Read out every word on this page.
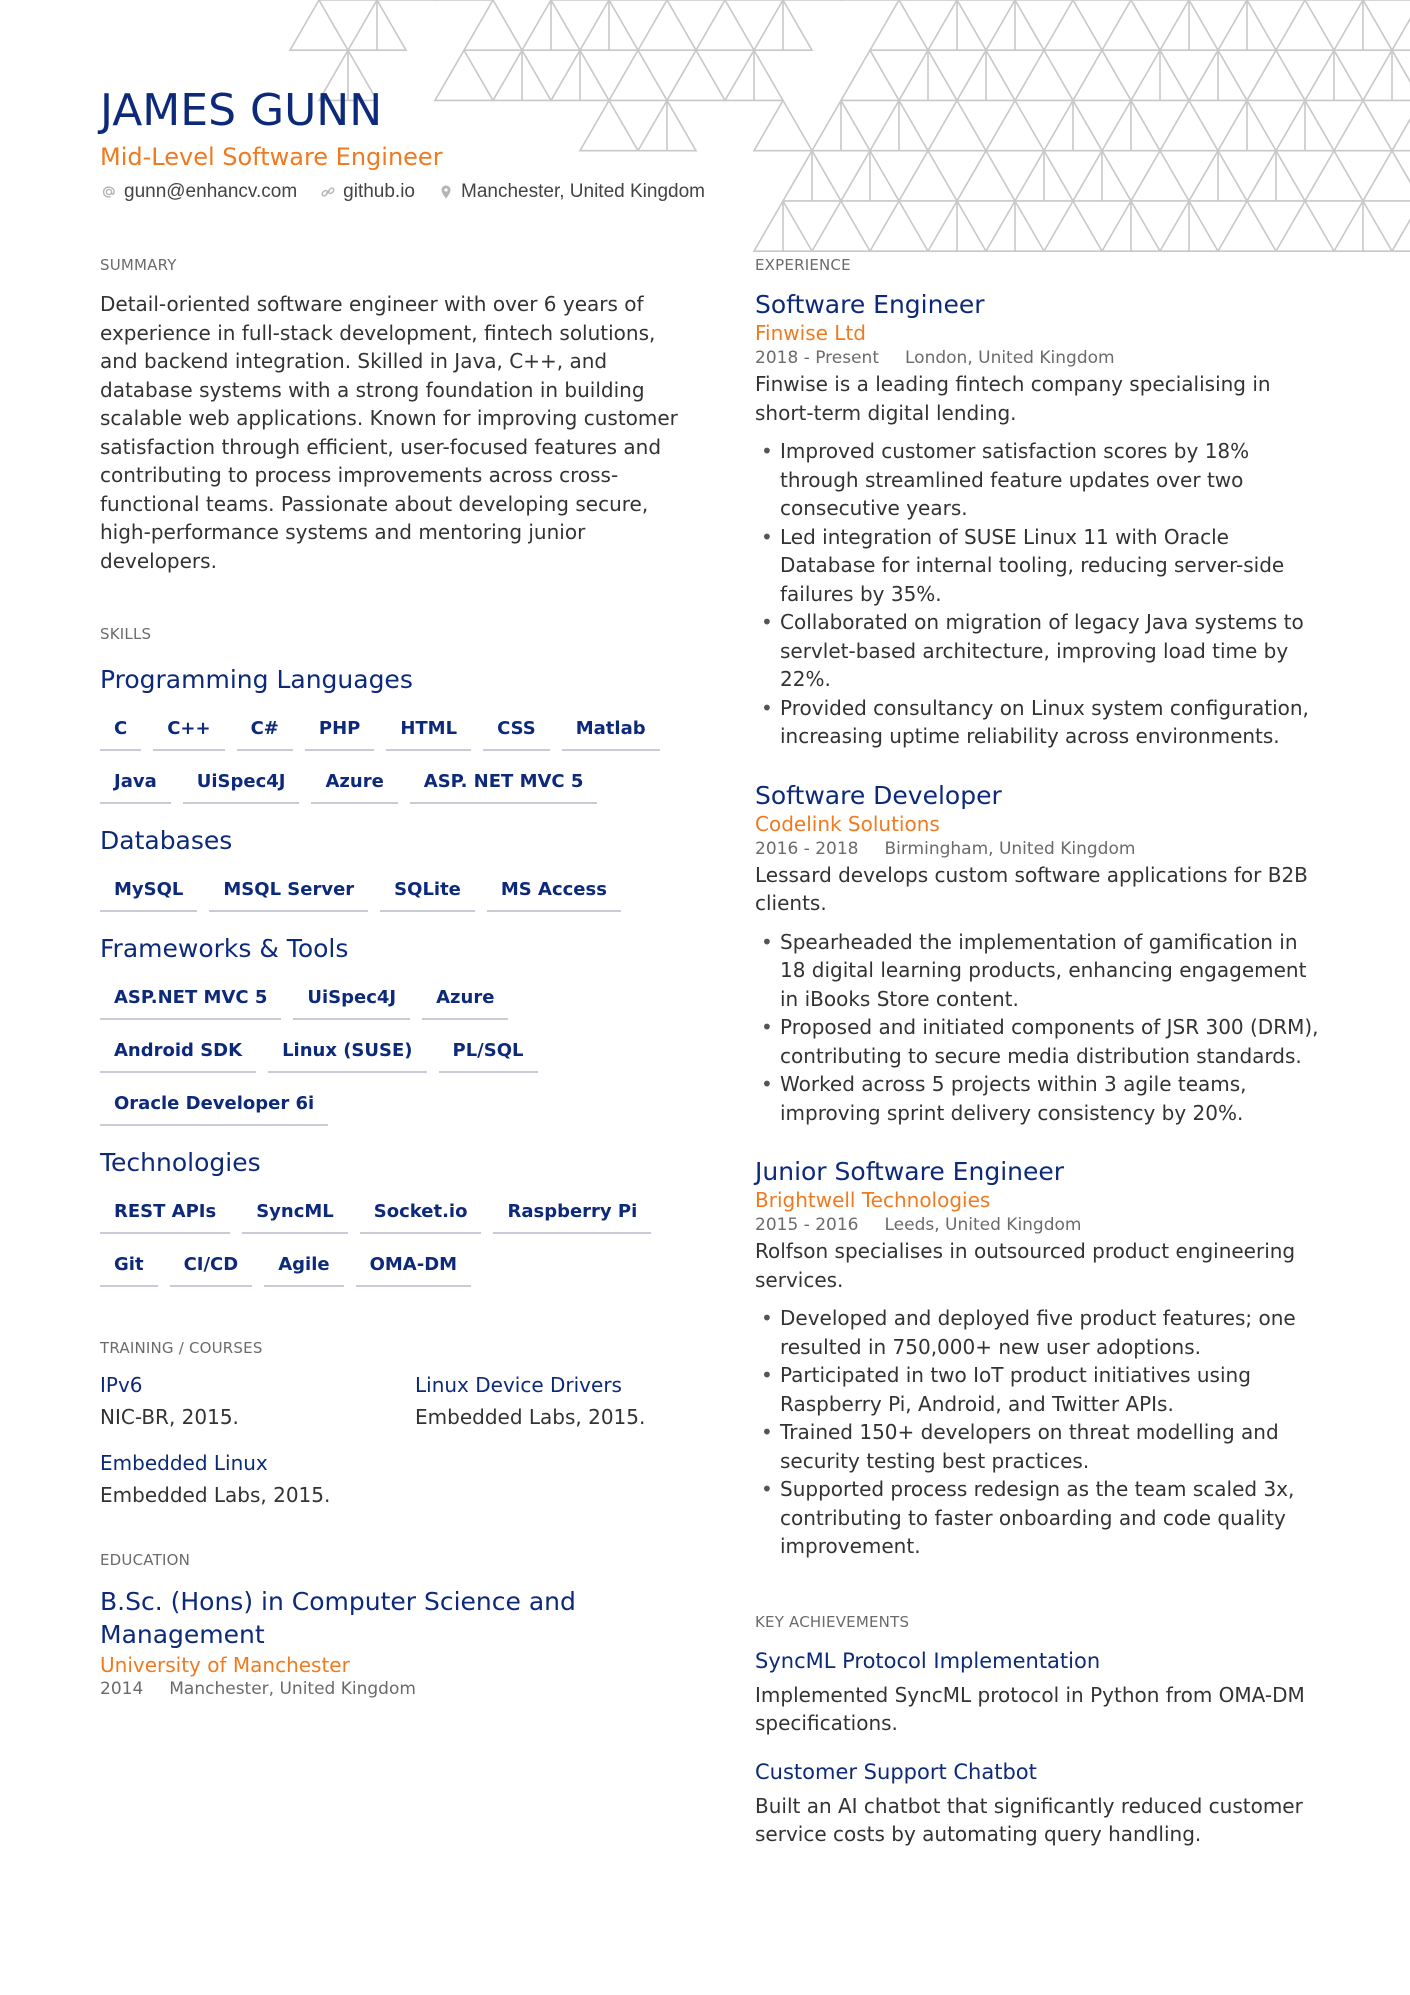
JAMES GUNN
Mid-Level Software Engineer
gunn@enhancv.com github.io Manchester, United Kingdom
SUMMARY

Detail-oriented software engineer with over 6 years of experience in full-stack development, fintech solutions, and backend integration. Skilled in Java, C++, and database systems with a strong foundation in building scalable web applications. Known for improving customer satisfaction through efficient, user-focused features and contributing to process improvements across cross-functional teams. Passionate about developing secure, high-performance systems and mentoring junior developers.

SKILLS
Programming Languages
C	C++	C#	PHP	HTML	CSS	Matlab
Java	UiSpec4J	Azure	ASP. NET MVC 5
Databases
MySQL	MSQL Server	SQLite	MS Access
Frameworks & Tools
ASP.NET MVC 5	UiSpec4J	Azure
Android SDK	Linux (SUSE)	PL/SQL
Oracle Developer 6i
Technologies
REST APIs	SyncML	Socket.io	Raspberry Pi
Git	CI/CD	Agile	OMA-DM
TRAINING / COURSES
IPv6
NIC-BR, 2015.
Linux Device Drivers
Embedded Labs, 2015.
Embedded Linux
Embedded Labs, 2015.
EDUCATION
B.Sc. (Hons) in Computer Science and Management
University of Manchester
2014 Manchester, United Kingdom
EXPERIENCE
Software Engineer
Finwise Ltd
2018 - Present London, United Kingdom
Finwise is a leading fintech company specialising in short-term digital lending.
• Improved customer satisfaction scores by 18% through streamlined feature updates over two consecutive years.
• Led integration of SUSE Linux 11 with Oracle Database for internal tooling, reducing server-side failures by 35%.
• Collaborated on migration of legacy Java systems to servlet-based architecture, improving load time by 22%.
• Provided consultancy on Linux system configuration, increasing uptime reliability across environments.
Software Developer
Codelink Solutions
2016 - 2018 Birmingham, United Kingdom
Lessard develops custom software applications for B2B clients.
• Spearheaded the implementation of gamification in 18 digital learning products, enhancing engagement in iBooks Store content.
• Proposed and initiated components of JSR 300 (DRM), contributing to secure media distribution standards.
• Worked across 5 projects within 3 agile teams, improving sprint delivery consistency by 20%.
Junior Software Engineer
Brightwell Technologies
2015 - 2016 Leeds, United Kingdom
Rolfson specialises in outsourced product engineering services.
• Developed and deployed five product features; one resulted in 750,000+ new user adoptions.
• Participated in two IoT product initiatives using Raspberry Pi, Android, and Twitter APIs.
• Trained 150+ developers on threat modelling and security testing best practices.
• Supported process redesign as the team scaled 3x, contributing to faster onboarding and code quality improvement.
KEY ACHIEVEMENTS
SyncML Protocol Implementation
Implemented SyncML protocol in Python from OMA-DM specifications.
Customer Support Chatbot
Built an AI chatbot that significantly reduced customer service costs by automating query handling.
